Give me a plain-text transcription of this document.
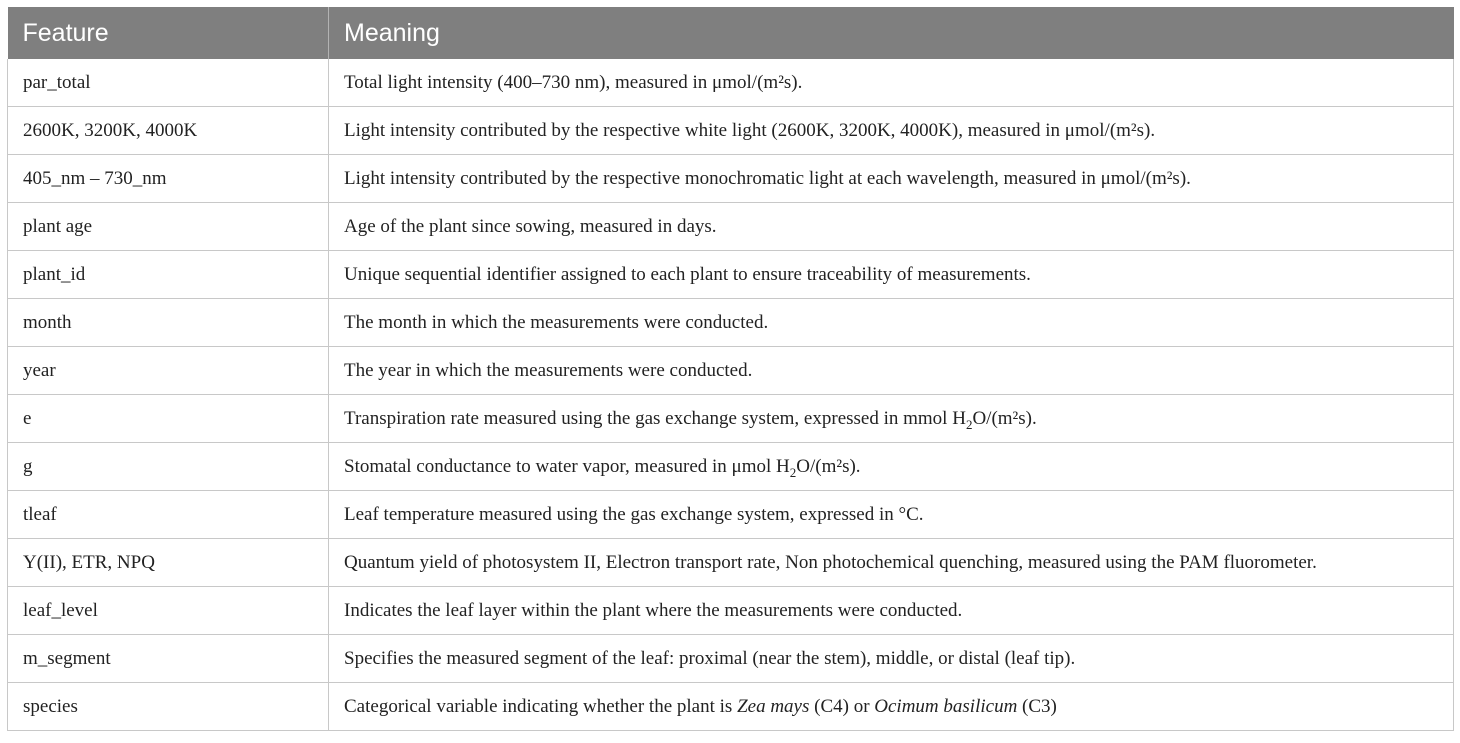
Feature	Meaning
par_total	Total light intensity (400–730 nm), measured in μmol/(m²s).
2600K, 3200K, 4000K	Light intensity contributed by the respective white light (2600K, 3200K, 4000K), measured in μmol/(m²s).
405_nm – 730_nm	Light intensity contributed by the respective monochromatic light at each wavelength, measured in μmol/(m²s).
plant age	Age of the plant since sowing, measured in days.
plant_id	Unique sequential identifier assigned to each plant to ensure traceability of measurements.
month	The month in which the measurements were conducted.
year	The year in which the measurements were conducted.
e	Transpiration rate measured using the gas exchange system, expressed in mmol $H_2O/(m^2s)$.
g	Stomatal conductance to water vapor, measured in μmol $H_2O/(m^2s)$.
tleaf	Leaf temperature measured using the gas exchange system, expressed in °C.
Y(II), ETR, NPQ	Quantum yield of photosystem II, Electron transport rate, Non photochemical quenching, measured using the PAM fluorometer.
leaf_level	Indicates the leaf layer within the plant where the measurements were conducted.
m_segment	Specifies the measured segment of the leaf: proximal (near the stem), middle, or distal (leaf tip).
species	Categorical variable indicating whether the plant is Zea mays (C4) or Ocimum basilicum (C3)
